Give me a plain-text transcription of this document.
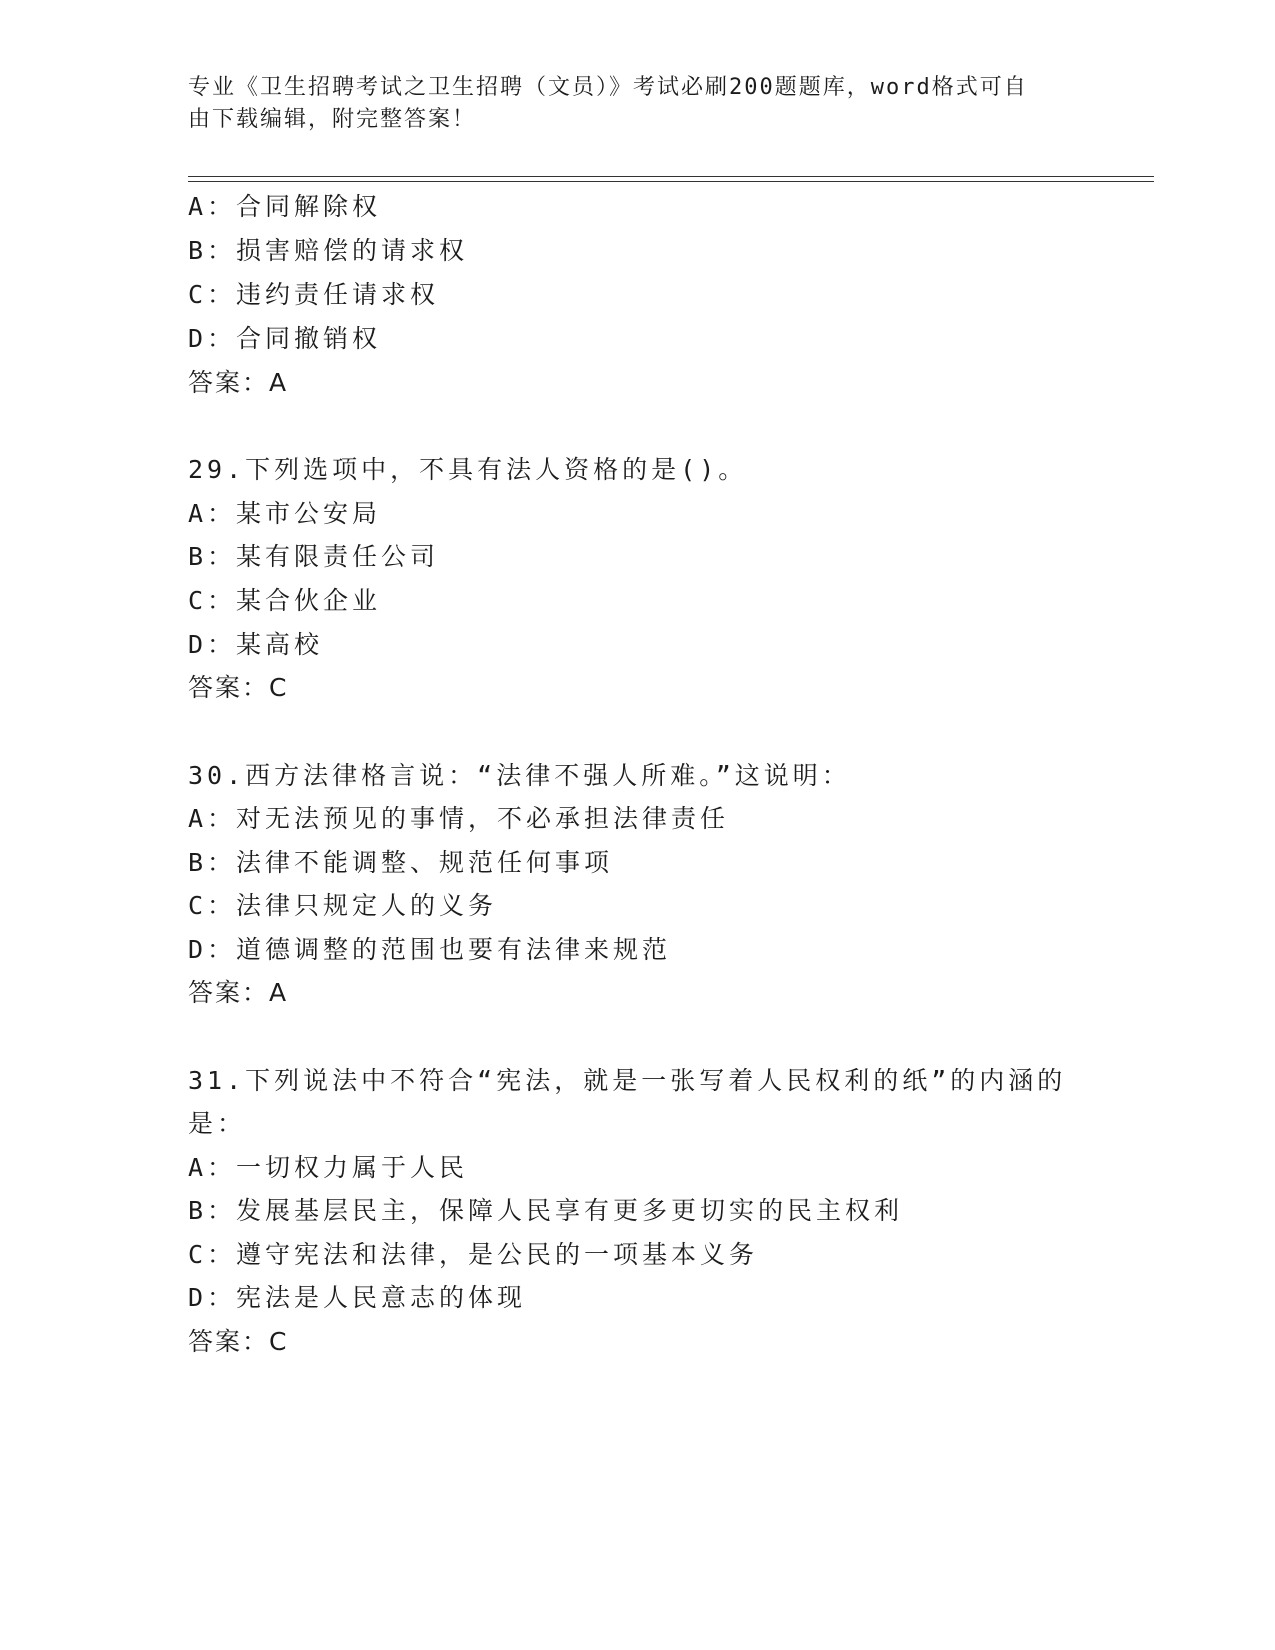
专业《卫生招聘考试之卫生招聘（文员）》考试必刷200题题库，word格式可自
由下载编辑，附完整答案！
A：合同解除权
B：损害赔偿的请求权
C：违约责任请求权
D：合同撤销权
答案：A
29.下列选项中，不具有法人资格的是()。
A：某市公安局
B：某有限责任公司
C：某合伙企业
D：某高校
答案：C
30.西方法律格言说：“法律不强人所难。”这说明：
A：对无法预见的事情，不必承担法律责任
B：法律不能调整、规范任何事项
C：法律只规定人的义务
D：道德调整的范围也要有法律来规范
答案：A
31.下列说法中不符合“宪法，就是一张写着人民权利的纸”的内涵的
是：
A：一切权力属于人民
B：发展基层民主，保障人民享有更多更切实的民主权利
C：遵守宪法和法律，是公民的一项基本义务
D：宪法是人民意志的体现
答案：C
